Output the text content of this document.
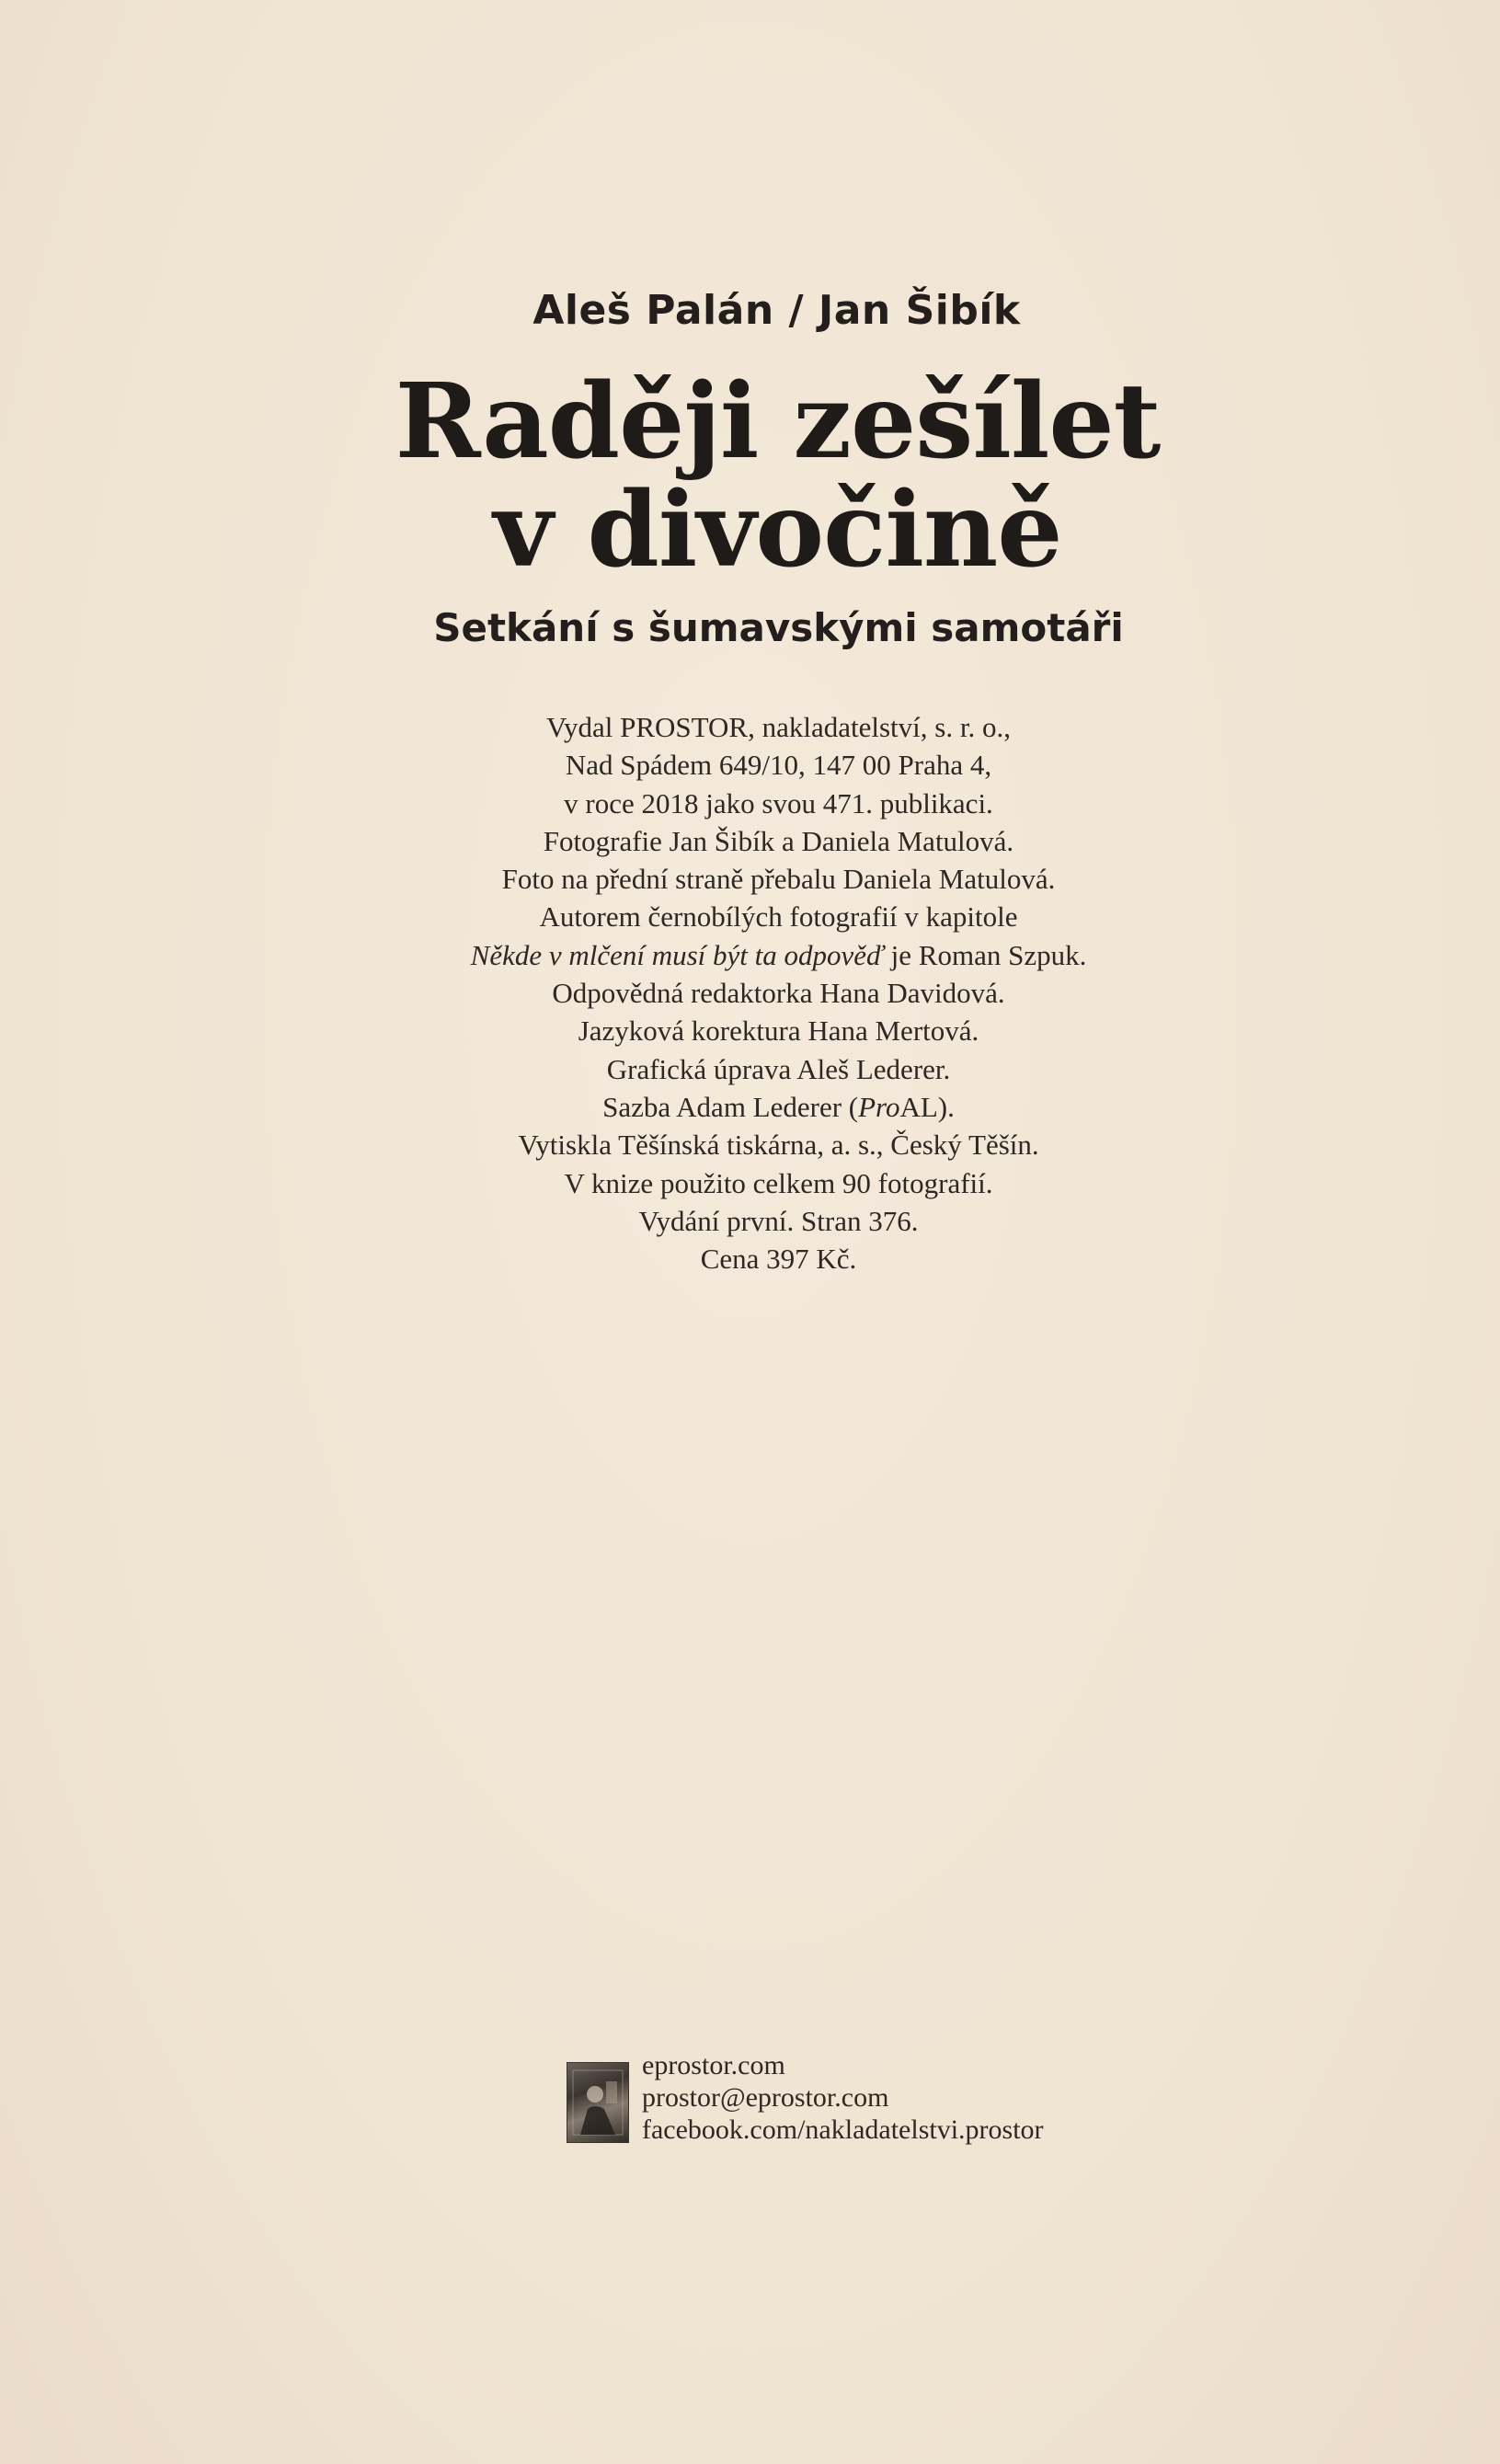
Aleš Palán / Jan Šibík
Raději zešílet
v divočině
Setkání s šumavskými samotáři
Vydal PROSTOR, nakladatelství, s. r. o.,
Nad Spádem 649/10, 147 00 Praha 4,
v roce 2018 jako svou 471. publikaci.
Fotografie Jan Šibík a Daniela Matulová.
Foto na přední straně přebalu Daniela Matulová.
Autorem černobílých fotografií v kapitole
Někde v mlčení musí být ta odpověď je Roman Szpuk.
Odpovědná redaktorka Hana Davidová.
Jazyková korektura Hana Mertová.
Grafická úprava Aleš Lederer.
Sazba Adam Lederer (ProAL).
Vytiskla Těšínská tiskárna, a. s., Český Těšín.
V knize použito celkem 90 fotografií.
Vydání první. Stran 376.
Cena 397 Kč.
eprostor.com
prostor@eprostor.com
facebook.com/nakladatelstvi.prostor
